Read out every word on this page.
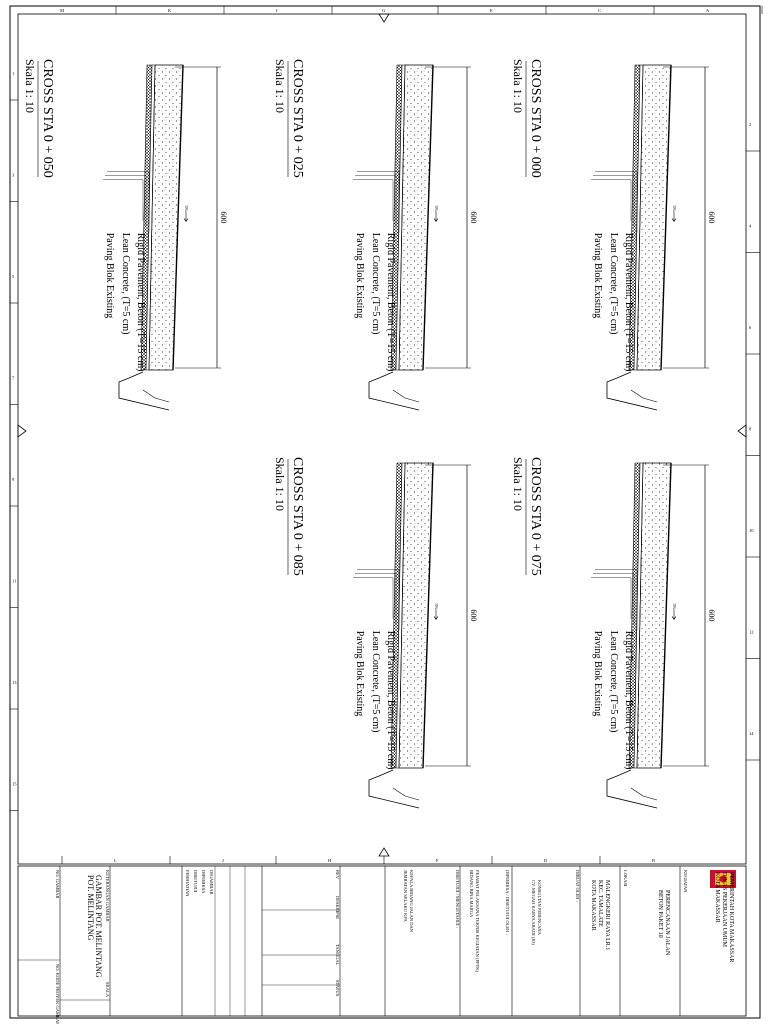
M	K	I	G	E	C	A
L	J	H	F	D	B
1
3
5
7
9
11
13
15
2
4
6
8
10
12
14
600
3%
CROSS STA 0 + 000
Skala 1: 10
Rigid Pavement, Beton (T=15 cm)
Lean Concrete, (T=5 cm)
Paving Blok Existing
600
3%
CROSS STA 0 + 025
Skala 1: 10
Rigid Pavement, Beton (T=15 cm)
Lean Concrete, (T=5 cm)
Paving Blok Existing
600
3%
CROSS STA 0 + 050
Skala 1: 10
Rigid Pavement, Beton (T=15 cm)
Lean Concrete, (T=5 cm)
Paving Blok Existing
600
3%
CROSS STA 0 + 075
Skala 1: 10
Rigid Pavement, Beton (T=15 cm)
Lean Concrete, (T=5 cm)
Paving Blok Existing
600
3%
CROSS STA 0 + 085
Skala 1: 10
Rigid Pavement, Beton (T=15 cm)
Lean Concrete, (T=5 cm)
Paving Blok Existing
PEMERINTAH KOTA MAKASSAR
DINAS PEKERJAAN UMUM
KOTA MAKASSAR
KEGIATAN
PERENCANAAN JALAN
BETON PAKET 10
LOKASI
MALENGKERI RAYA LR.1
KEC. TAMALATE
KOTA MAKASSAR
DIBUAT OLEH :
KONSULTAN PERENCANA
CV. MEGAH KARYA ABADI (JO)
DIPERIKSA / DISETUJUI OLEH :
PEJABAT PELAKSANA TEKNIS KEGIATAN (PPTK)
BIDANG BINA MARGA
DISETUJUI / MENGETAHUI :
KEPALA BIDANG JALAN DAN
JEMBATAN SELAKU KPA
REV
DESKRIPSI
TANGGAL
STATUS
DIGAMBAR
DIPERIKSA
DISETUJUI
PERIHATIAN
KETERANGAN GAMBAR
GAMBAR POT. MELINTANG
POT. MELINTANG
SKALA
NO. GAMBAR
NO. KODE PROYEK GAMBAR
